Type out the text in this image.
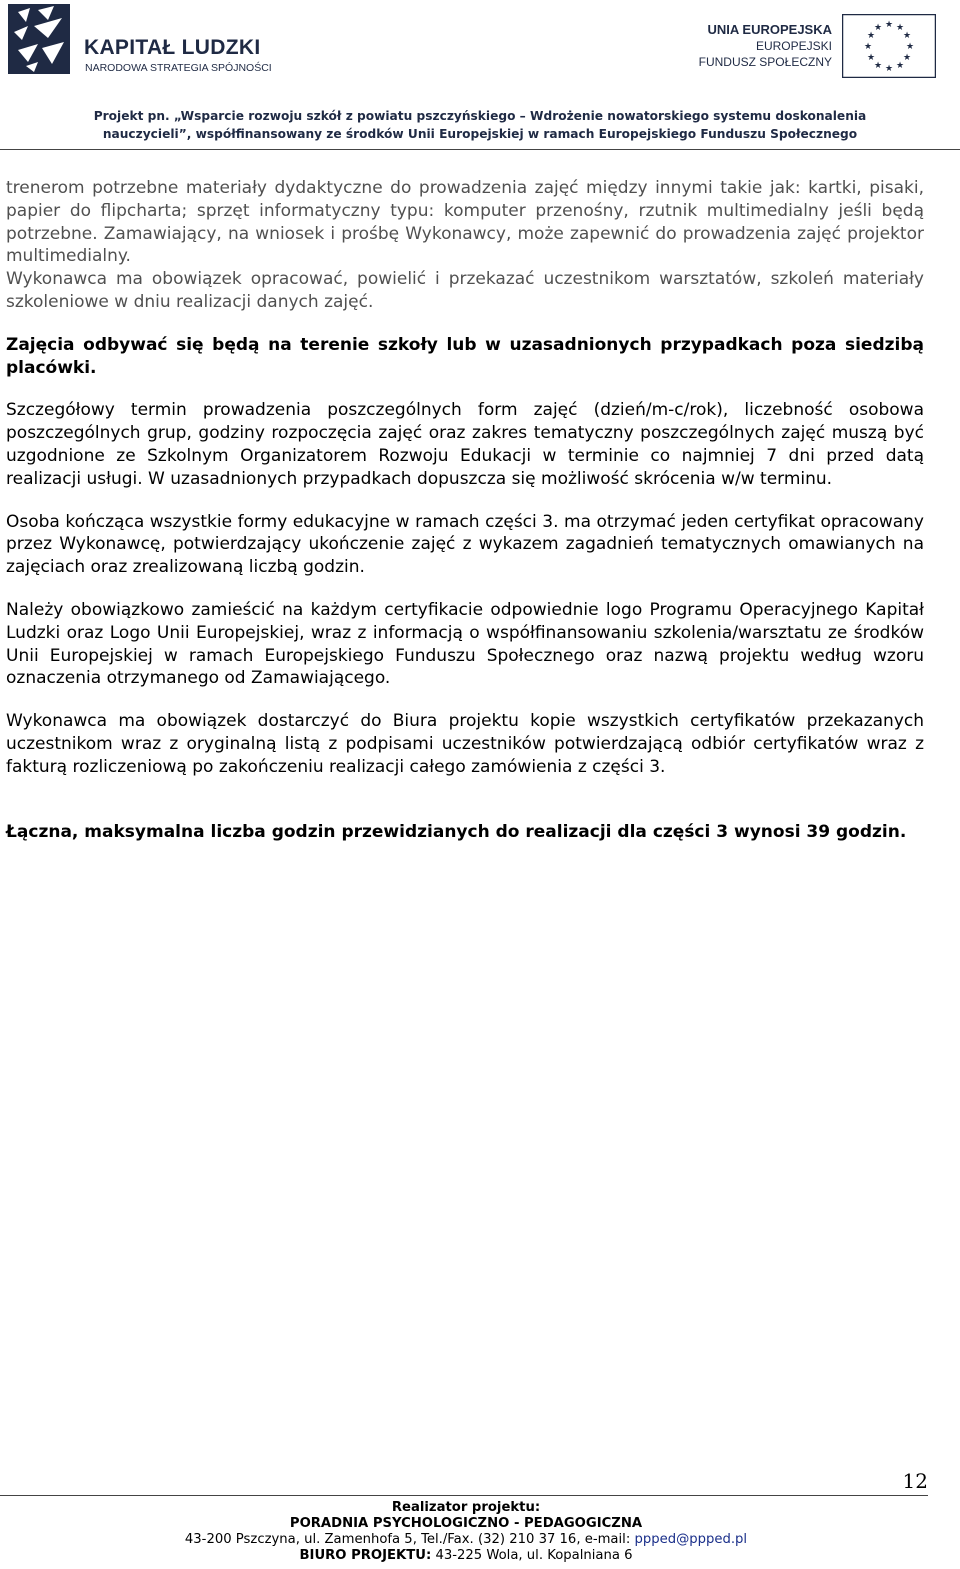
KAPITAŁ LUDZKI
NARODOWA STRATEGIA SPÓJNOŚCI
UNIA EUROPEJSKA
EUROPEJSKI
FUNDUSZ SPOŁECZNY
★ ★
★
★
★
★
★
★
★
★
★
★
Projekt pn. „Wsparcie rozwoju szkół z powiatu pszczyńskiego – Wdrożenie nowatorskiego systemu doskonalenia
nauczycieli”, współfinansowany ze środków Unii Europejskiej w ramach Europejskiego Funduszu Społecznego

trenerom potrzebne materiały dydaktyczne do prowadzenia zajęć między innymi takie jak: kartki, pisaki, papier do flipcharta; sprzęt informatyczny typu: komputer przenośny, rzutnik multimedialny jeśli będą potrzebne. Zamawiający, na wniosek i prośbę Wykonawcy, może zapewnić do prowadzenia zajęć projektor multimedialny.

Wykonawca ma obowiązek opracować, powielić i przekazać uczestnikom warsztatów, szkoleń materiały szkoleniowe w dniu realizacji danych zajęć.

Zajęcia odbywać się będą na terenie szkoły lub w uzasadnionych przypadkach poza siedzibą placówki.

Szczegółowy termin prowadzenia poszczególnych form zajęć (dzień/m-c/rok), liczebność osobowa poszczególnych grup, godziny rozpoczęcia zajęć oraz zakres tematyczny poszczególnych zajęć muszą być uzgodnione ze Szkolnym Organizatorem Rozwoju Edukacji w terminie co najmniej 7 dni przed datą realizacji usługi. W uzasadnionych przypadkach dopuszcza się możliwość skrócenia w/w terminu.

Osoba kończąca wszystkie formy edukacyjne w ramach części 3. ma otrzymać jeden certyfikat opracowany przez Wykonawcę, potwierdzający ukończenie zajęć z wykazem zagadnień tematycznych omawianych na zajęciach oraz zrealizowaną liczbą godzin.

Należy obowiązkowo zamieścić na każdym certyfikacie odpowiednie logo Programu Operacyjnego Kapitał Ludzki oraz Logo Unii Europejskiej, wraz z informacją o współfinansowaniu szkolenia/warsztatu ze środków Unii Europejskiej w ramach Europejskiego Funduszu Społecznego oraz nazwą projektu według wzoru oznaczenia otrzymanego od Zamawiającego.

Wykonawca ma obowiązek dostarczyć do Biura projektu kopie wszystkich certyfikatów przekazanych uczestnikom wraz z oryginalną listą z podpisami uczestników potwierdzającą odbiór certyfikatów wraz z fakturą rozliczeniową po zakończeniu realizacji całego zamówienia z części 3.

Łączna, maksymalna liczba godzin przewidzianych do realizacji dla części 3 wynosi 39 godzin.

12
Realizator projektu:
PORADNIA PSYCHOLOGICZNO - PEDAGOGICZNA
43-200 Pszczyna, ul. Zamenhofa 5, Tel./Fax. (32) 210 37 16, e-mail: ppped@ppped.pl
BIURO PROJEKTU: 43-225 Wola, ul. Kopalniana 6
